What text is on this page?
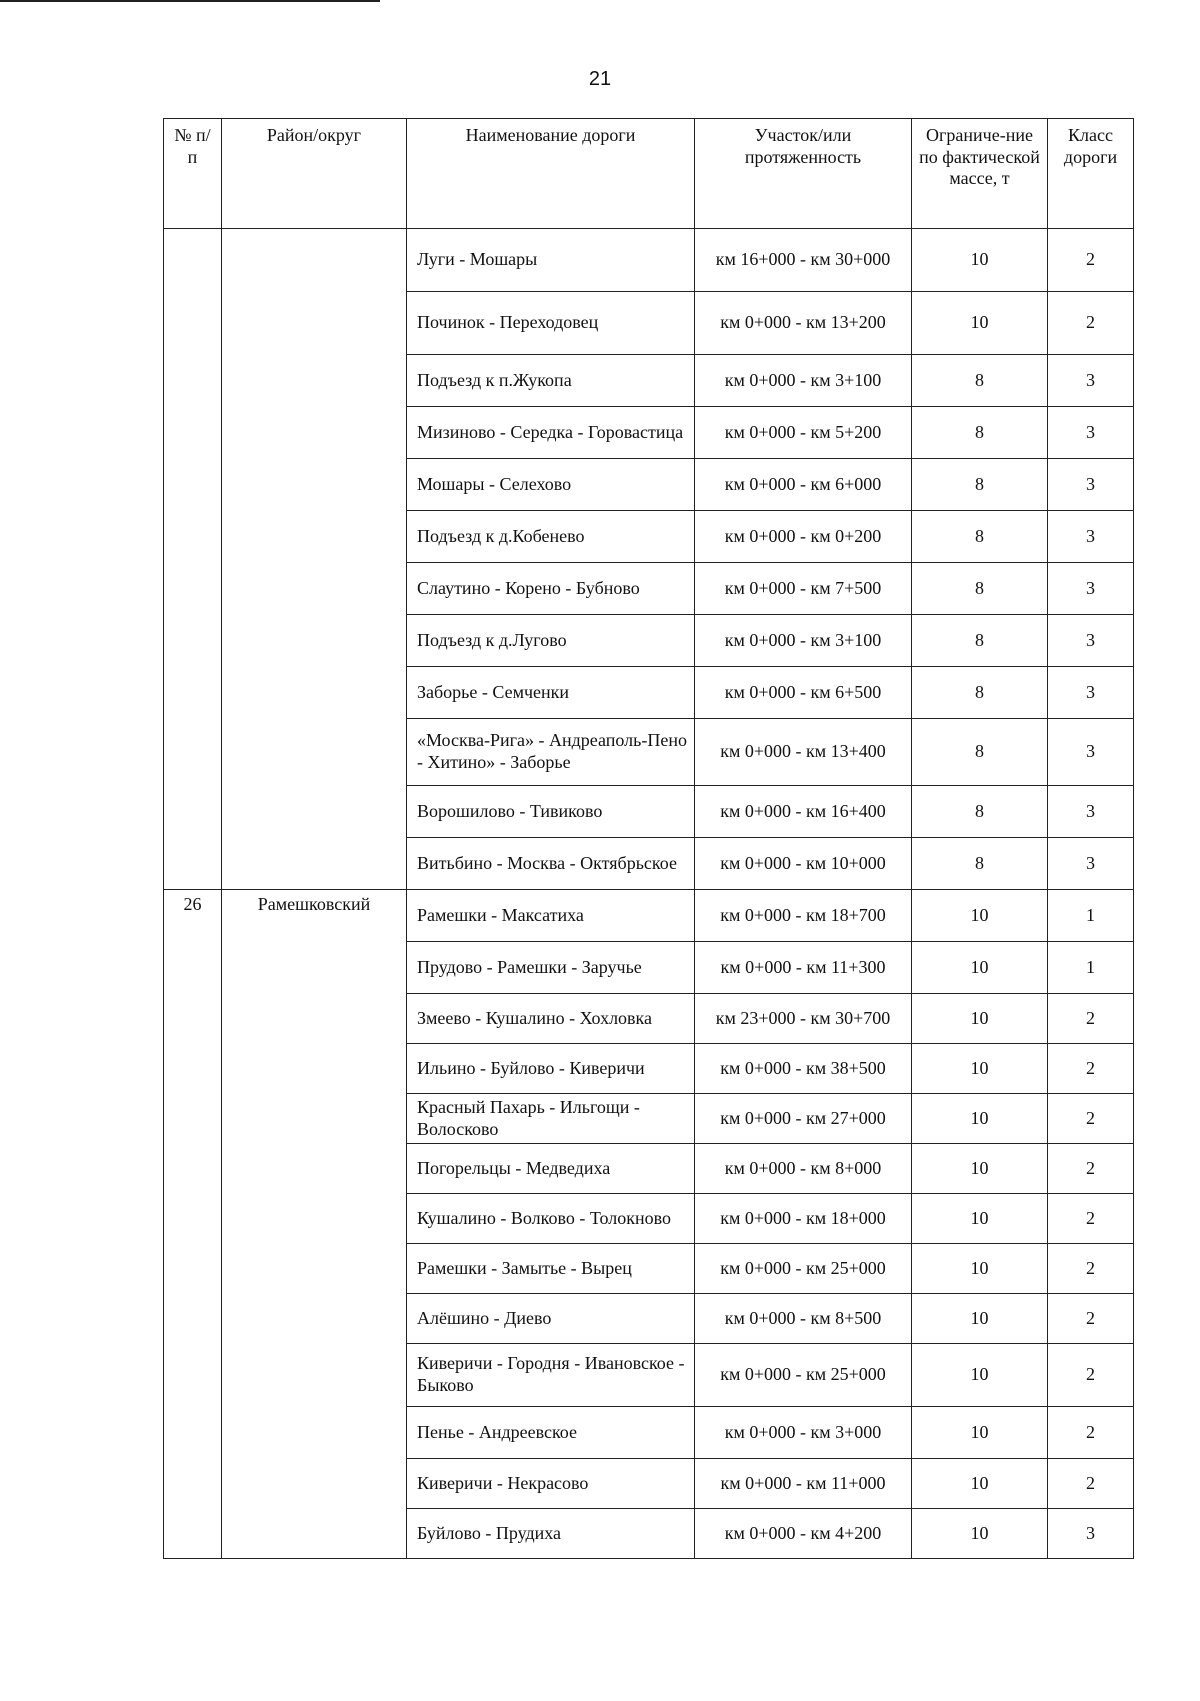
21
№ п/п	Район/округ	Наименование дороги	Участок/или протяженность	Ограниче-ние по фактической массе, т	Класс дороги
		Луги - Мошары	км 16+000 - км 30+000	10	2
		Починок - Переходовец	км 0+000 - км 13+200	10	2
		Подъезд к п.Жукопа	км 0+000 - км 3+100	8	3
		Мизиново - Середка - Горовастица	км 0+000 - км 5+200	8	3
		Мошары - Селехово	км 0+000 - км 6+000	8	3
		Подъезд к д.Кобенево	км 0+000 - км 0+200	8	3
		Слаутино - Корено - Бубново	км 0+000 - км 7+500	8	3
		Подъезд к д.Лугово	км 0+000 - км 3+100	8	3
		Заборье - Семченки	км 0+000 - км 6+500	8	3
		«Москва-Рига» - Андреаполь-Пено - Хитино» - Заборье	км 0+000 - км 13+400	8	3
		Ворошилово - Тивиково	км 0+000 - км 16+400	8	3
		Витьбино - Москва - Октябрьское	км 0+000 - км 10+000	8	3
26	Рамешковский	Рамешки - Максатиха	км 0+000 - км 18+700	10	1
		Прудово - Рамешки - Заручье	км 0+000 - км 11+300	10	1
		Змеево - Кушалино - Хохловка	км 23+000 - км 30+700	10	2
		Ильино - Буйлово - Киверичи	км 0+000 - км 38+500	10	2
		Красный Пахарь - Ильгощи - Волосково	км 0+000 - км 27+000	10	2
		Погорельцы - Медведиха	км 0+000 - км 8+000	10	2
		Кушалино - Волково - Толокново	км 0+000 - км 18+000	10	2
		Рамешки - Замытье - Вырец	км 0+000 - км 25+000	10	2
		Алёшино - Диево	км 0+000 - км 8+500	10	2
		Киверичи - Городня - Ивановское - Быково	км 0+000 - км 25+000	10	2
		Пенье - Андреевское	км 0+000 - км 3+000	10	2
		Киверичи - Некрасово	км 0+000 - км 11+000	10	2
		Буйлово - Прудиха	км 0+000 - км 4+200	10	3
